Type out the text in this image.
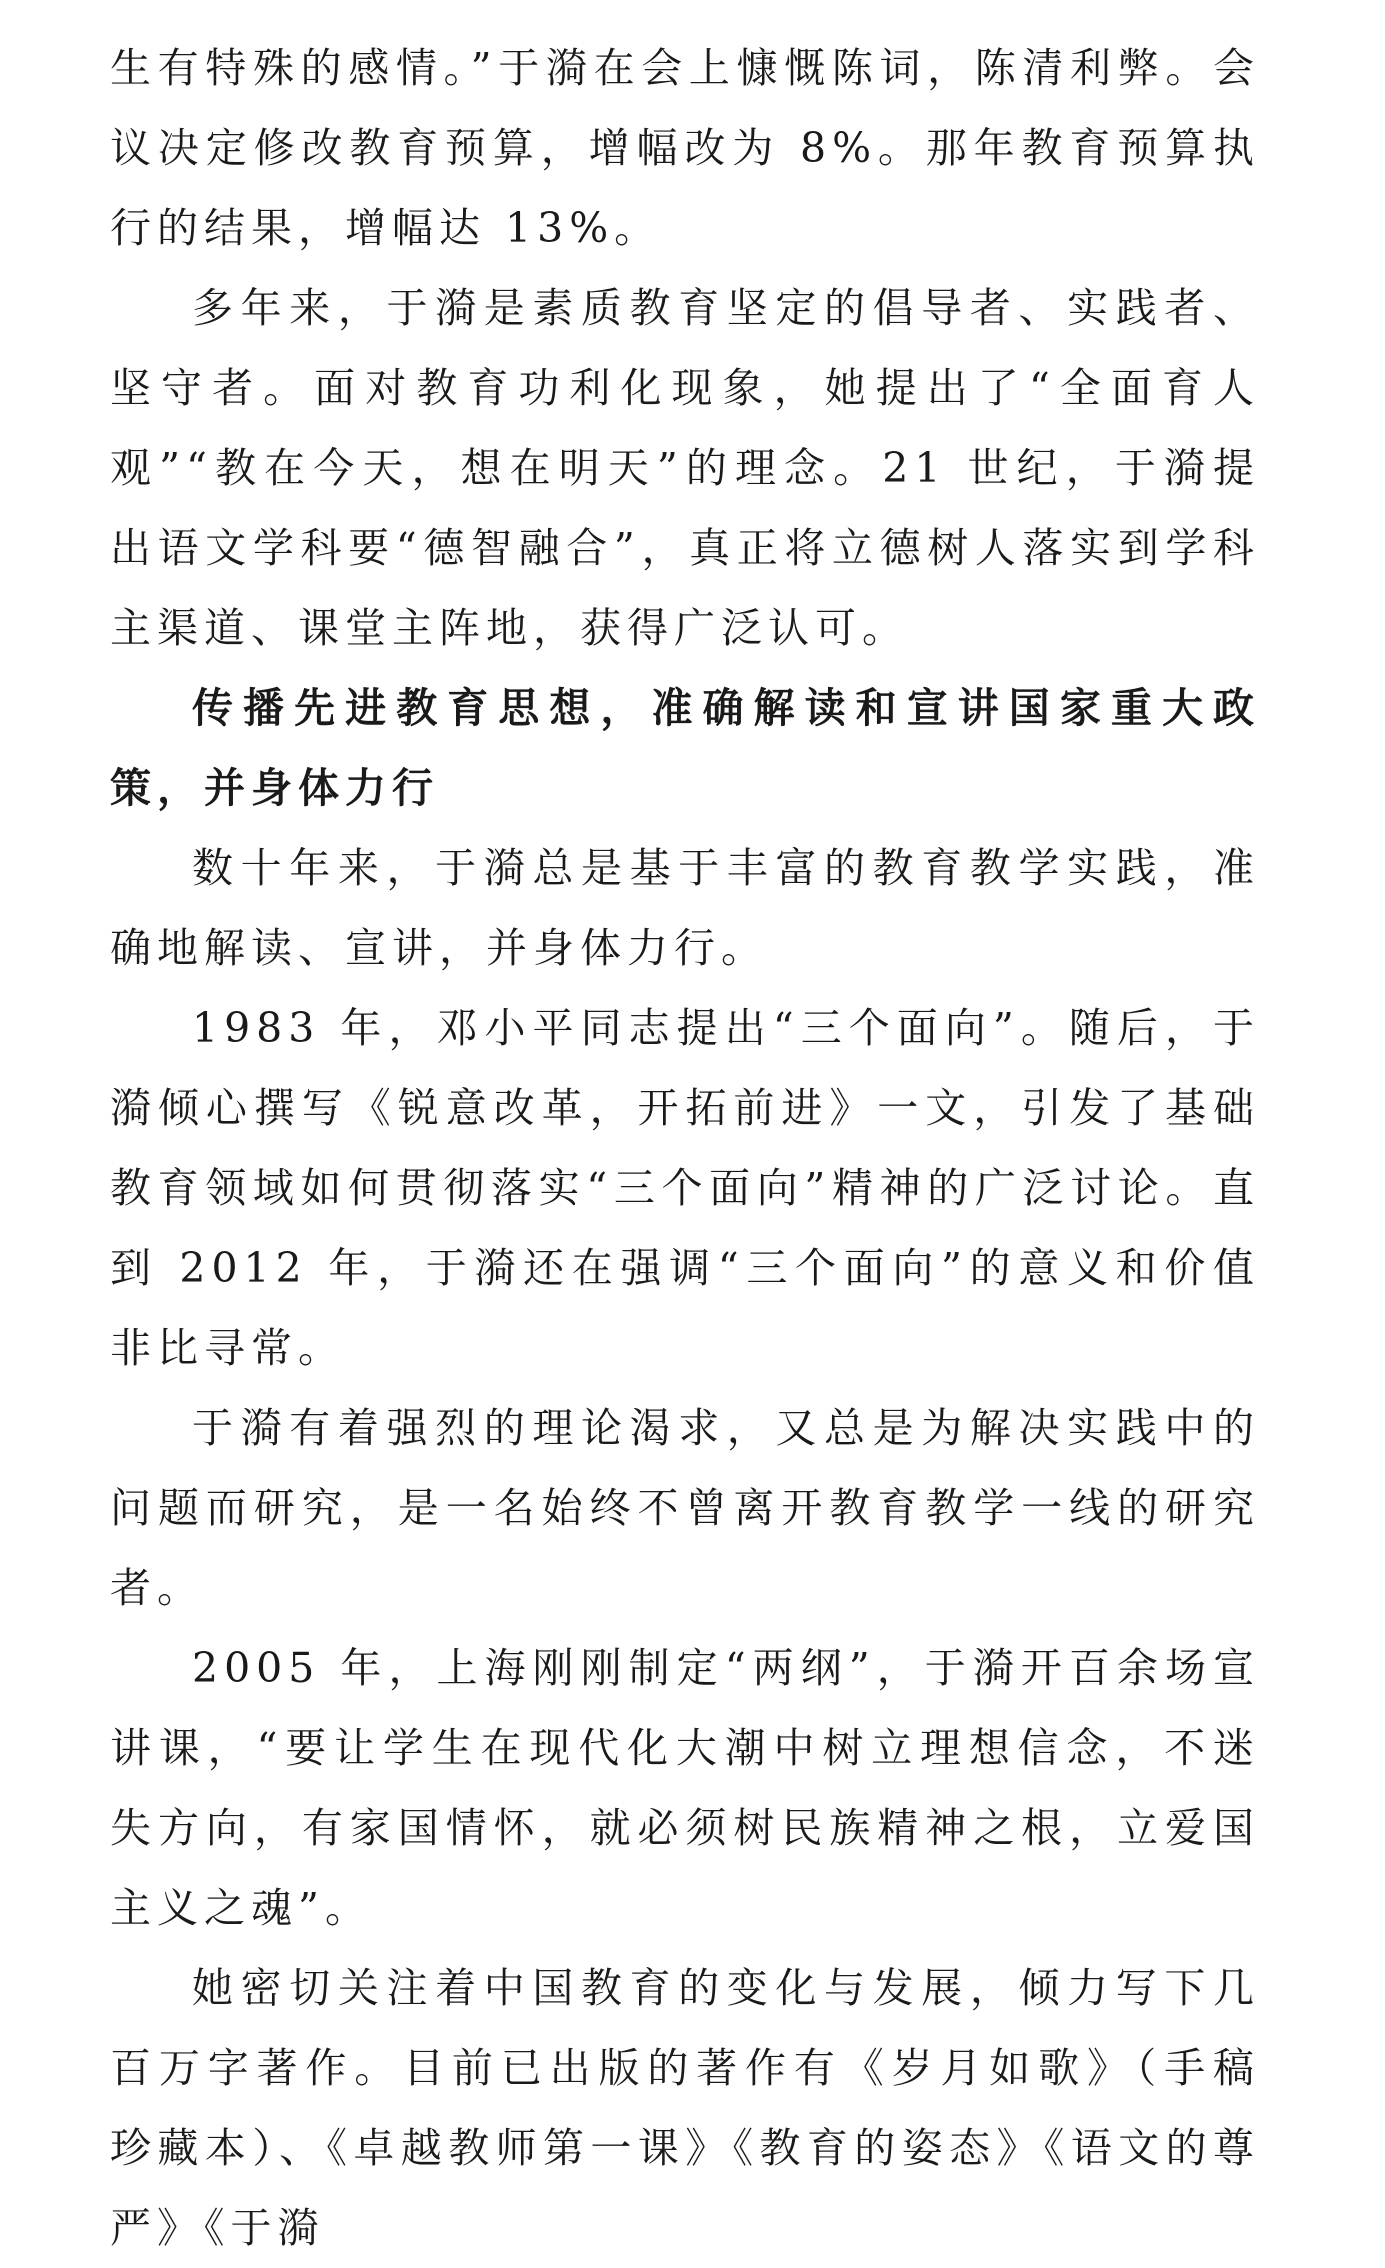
生有特殊的感情。”于漪在会上慷慨陈词，陈清利弊。会议决定修改教育预算，增幅改为 8%。那年教育预算执行的结果，增幅达 13%。

多年来，于漪是素质教育坚定的倡导者、实践者、坚守者。面对教育功利化现象，她提出了“全面育人观”“教在今天，想在明天”的理念。21 世纪，于漪提出语文学科要“德智融合”，真正将立德树人落实到学科主渠道、课堂主阵地，获得广泛认可。

传播先进教育思想，准确解读和宣讲国家重大政策，并身体力行

数十年来，于漪总是基于丰富的教育教学实践，准确地解读、宣讲，并身体力行。

1983 年，邓小平同志提出“三个面向”。随后，于漪倾心撰写《锐意改革，开拓前进》一文，引发了基础教育领域如何贯彻落实“三个面向”精神的广泛讨论。直到 2012 年，于漪还在强调“三个面向”的意义和价值非比寻常。

于漪有着强烈的理论渴求，又总是为解决实践中的问题而研究，是一名始终不曾离开教育教学一线的研究者。

2005 年，上海刚刚制定“两纲”，于漪开百余场宣讲课，“要让学生在现代化大潮中树立理想信念，不迷失方向，有家国情怀，就必须树民族精神之根，立爱国主义之魂”。

她密切关注着中国教育的变化与发展，倾力写下几百万字著作。目前已出版的著作有《岁月如歌》（手稿珍藏本）、《卓越教师第一课》《教育的姿态》《语文的尊严》《于漪
